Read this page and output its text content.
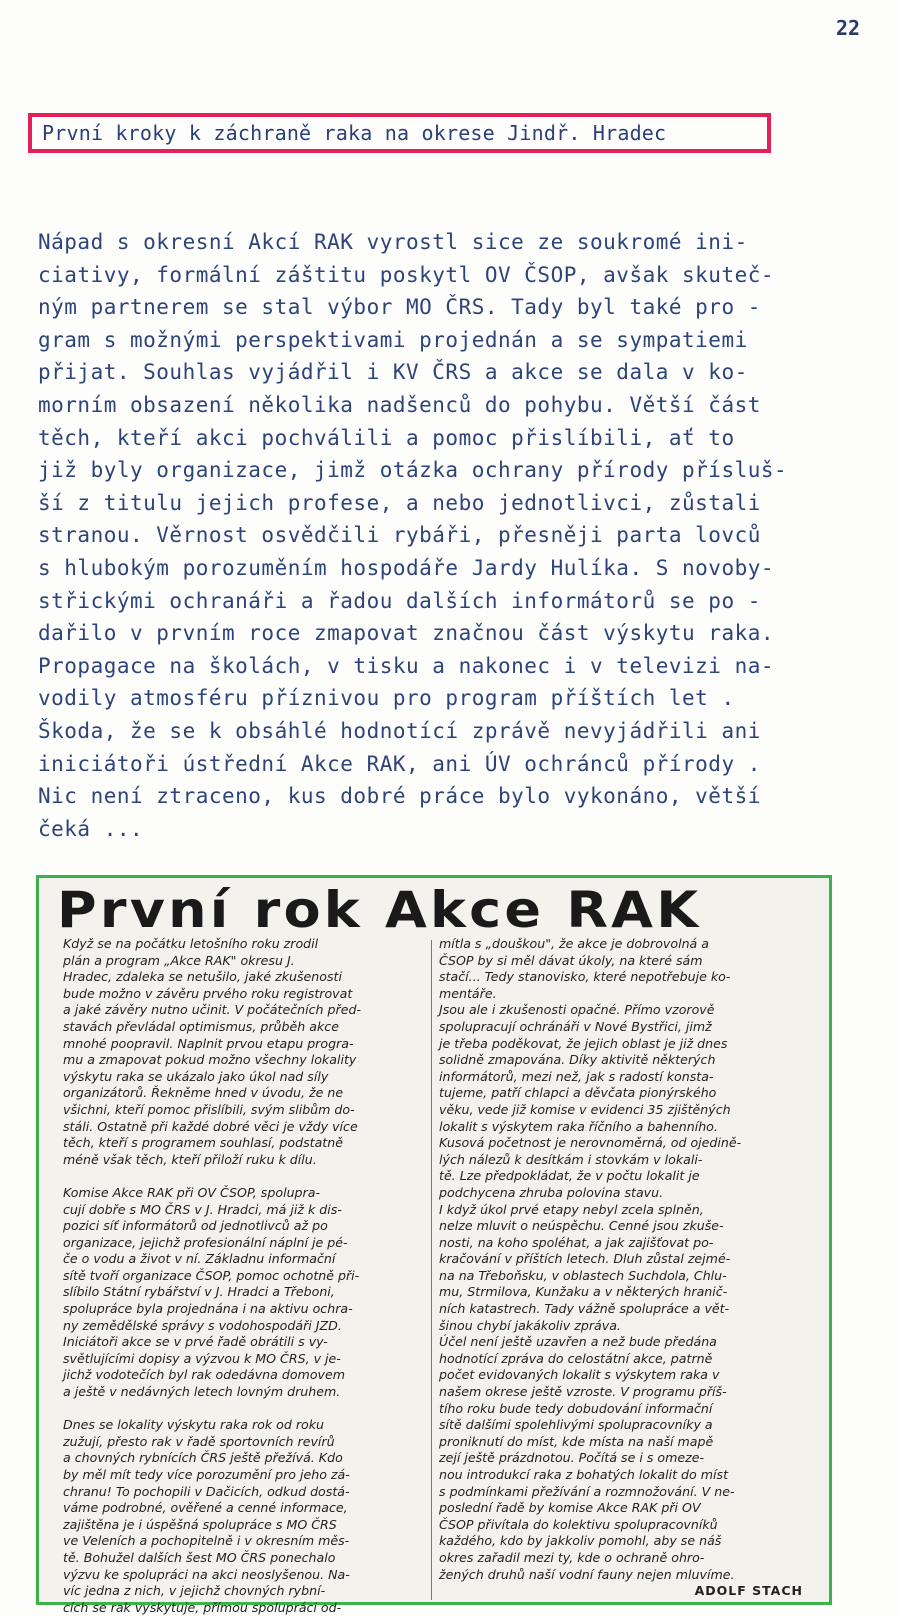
22
První kroky k záchraně raka na okrese Jindř. Hradec
Nápad s okresní Akcí RAK vyrostl sice ze soukromé ini-
ciativy, formální záštitu poskytl OV ČSOP, avšak skuteč-
ným partnerem se stal výbor MO ČRS. Tady byl také pro -
gram s možnými perspektivami projednán a se sympatiemi
přijat. Souhlas vyjádřil i KV ČRS a akce se dala v ko-
morním obsazení několika nadšenců do pohybu. Větší část
těch, kteří akci pochválili a pomoc přislíbili, ať to
již byly organizace, jimž otázka ochrany přírody přísluš-
ší z titulu jejich profese, a nebo jednotlivci, zůstali
stranou. Věrnost osvědčili rybáři, přesněji parta lovců
s hlubokým porozuměním hospodáře Jardy Hulíka. S novoby-
střickými ochranáři a řadou dalších informátorů se po -
dařilo v prvním roce zmapovat značnou část výskytu raka.
Propagace na školách, v tisku a nakonec i v televizi na-
vodily atmosféru příznivou pro program příštích let .
Škoda, že se k obsáhlé hodnotící zprávě nevyjádřili ani
iniciátoři ústřední Akce RAK, ani ÚV ochránců přírody .
Nic není ztraceno, kus dobré práce bylo vykonáno, větší
čeká ...
První rok Akce RAK
Když se na počátku letošního roku zrodil
plán a program „Akce RAK" okresu J.
Hradec, zdaleka se netušilo, jaké zkušenosti
bude možno v závěru prvého roku registrovat
a jaké závěry nutno učinit. V počátečních před-
stavách převládal optimismus, průběh akce
mnohé poopravil. Naplnit prvou etapu progra-
mu a zmapovat pokud možno všechny lokality
výskytu raka se ukázalo jako úkol nad síly
organizátorů. Řekněme hned v úvodu, že ne
všichni, kteří pomoc přislíbili, svým slibům do-
stáli. Ostatně při každé dobré věci je vždy více
těch, kteří s programem souhlasí, podstatně
méně však těch, kteří přiloží ruku k dílu.
Komise Akce RAK při OV ČSOP, spolupra-
cují dobře s MO ČRS v J. Hradci, má již k dis-
pozici síť informátorů od jednotlivců až po
organizace, jejichž profesionální náplní je pé-
če o vodu a život v ní. Základnu informační
sítě tvoří organizace ČSOP, pomoc ochotně při-
slíbilo Státní rybářství v J. Hradci a Třeboni,
spolupráce byla projednána i na aktivu ochra-
ny zemědělské správy s vodohospodáři JZD.
Iniciátoři akce se v prvé řadě obrátili s vy-
světlujícími dopisy a výzvou k MO ČRS, v je-
jichž vodotečích byl rak odedávna domovem
a ještě v nedávných letech lovným druhem.
Dnes se lokality výskytu raka rok od roku
zužují, přesto rak v řadě sportovních revírů
a chovných rybnících ČRS ještě přežívá. Kdo
by měl mít tedy více porozumění pro jeho zá-
chranu! To pochopili v Dačicích, odkud dostá-
váme podrobné, ověřené a cenné informace,
zajištěna je i úspěšná spolupráce s MO ČRS
ve Veleních a pochopitelně i v okresním měs-
tě. Bohužel dalších šest MO ČRS ponechalo
výzvu ke spolupráci na akci neoslyšenou. Na-
víc jedna z nich, v jejichž chovných rybní-
cích se rak vyskytuje, přímou spolupráci od-
mítla s „douškou", že akce je dobrovolná a
ČSOP by si měl dávat úkoly, na které sám
stačí... Tedy stanovisko, které nepotřebuje ko-
mentáře.
Jsou ale i zkušenosti opačné. Přímo vzorově
spolupracují ochránáři v Nové Bystřici, jimž
je třeba poděkovat, že jejich oblast je již dnes
solidně zmapována. Díky aktivitě některých
informátorů, mezi než, jak s radostí konsta-
tujeme, patří chlapci a děvčata pionýrského
věku, vede již komise v evidenci 35 zjištěných
lokalit s výskytem raka říčního a bahenního.
Kusová početnost je nerovnoměrná, od ojedině-
lých nálezů k desítkám i stovkám v lokali-
tě. Lze předpokládat, že v počtu lokalit je
podchycena zhruba polovina stavu.
I když úkol prvé etapy nebyl zcela splněn,
nelze mluvit o neúspěchu. Cenné jsou zkuše-
nosti, na koho spoléhat, a jak zajišťovat po-
kračování v příštích letech. Dluh zůstal zejmé-
na na Třeboňsku, v oblastech Suchdola, Chlu-
mu, Strmilova, Kunžaku a v některých hranič-
ních katastrech. Tady vážně spolupráce a vět-
šinou chybí jakákoliv zpráva.
Účel není ještě uzavřen a než bude předána
hodnotící zpráva do celostátní akce, patrně
počet evidovaných lokalit s výskytem raka v
našem okrese ještě vzroste. V programu příš-
tího roku bude tedy dobudování informační
sítě dalšími spolehlivými spolupracovníky a
proniknutí do míst, kde místa na naší mapě
zejí ještě prázdnotou. Počítá se i s omeze-
nou introdukcí raka z bohatých lokalit do míst
s podmínkami přežívání a rozmnožování. V ne-
poslední řadě by komise Akce RAK při OV
ČSOP přivítala do kolektivu spolupracovníků
každého, kdo by jakkoliv pomohl, aby se náš
okres zařadil mezi ty, kde o ochraně ohro-
žených druhů naší vodní fauny nejen mluvíme.
ADOLF STACH
